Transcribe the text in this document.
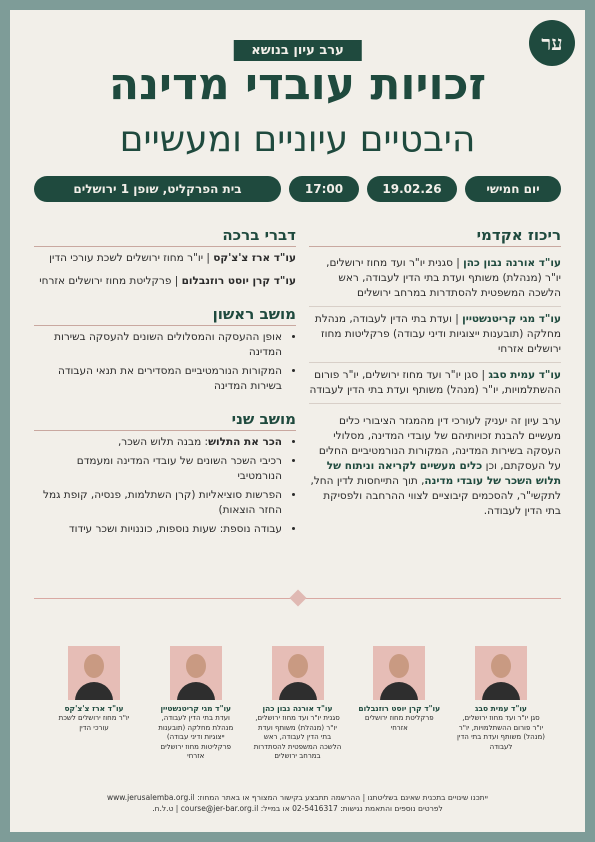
ער
ערב עיון בנושא
זכויות עובדי מדינה
היבטיים עיוניים ומעשיים
יום חמישי
19.02.26
17:00
בית הפרקליט, שופן 1 ירושלים
ריכוז אקדמי
עו"ד אורנה נבון כהן | סגנית יו"ר ועד מחוז ירושלים, יו"ר (מנהלת) משותף ועדת בתי הדין לעבודה, ראש הלשכה המשפטית להסתדרות במרחב ירושלים
עו"ד מגי קריטנשטיין | ועדת בתי הדין לעבודה, מנהלת מחלקה (תובענות ייצוגיות ודיני עבודה) פרקליטות מחוז ירושלים אזרחי
עו"ד עמית סבג | סגן יו"ר ועד מחוז ירושלים, יו"ר פורום ההשתלמויות, יו"ר (מנהל) משותף ועדת בתי הדין לעבודה

ערב עיון זה יעניק לעורכי דין מהמגזר הציבורי כלים מעשיים להבנת זכויותיהם של עובדי המדינה, מסלולי העסקה בשירות המדינה, המקורות הנורמטיביים החלים על העסקתם, וכן כלים מעשיים לקריאה וניתוח של תלוש השכר של עובדי מדינה, תוך התייחסות לדין החל, לתקשי"ר, להסכמים קיבוציים לצווי ההרחבה ולפסיקת בתי הדין לעבודה.

דברי ברכה

עו"ד ארז צ'צ'קס | יו"ר מחוז ירושלים לשכת עורכי הדין

עו"ד קרן יוסט רוזנבלום | פרקליטת מחוז ירושלים אזרחי

מושב ראשון
• אופן ההעסקה והמסלולים השונים להעסקה בשירות המדינה
• המקורות הנורמטיביים המסדירים את תנאי העבודה בשירות המדינה
מושב שני
• הכר את התלוש: מבנה תלוש השכר,
• רכיבי השכר השונים של עובדי המדינה ומעמדם הנורמטיבי
• הפרשות סוציאליות (קרן השתלמות, פנסיה, קופת גמל החזר הוצאות)
• עבודה נוספת: שעות נוספות, כוננויות ושכר עידוד
עו"ד עמית סבג
סגן יו"ר ועד מחוז ירושלים, יו"ר פורום ההשתלמויות, יו"ר (מנהל) משותף ועדת בתי הדין לעבודה
עו"ד קרן יוסט רוזנבלום
פרקליטת מחוז ירושלים אזרחי
עו"ד אורנה נבון כהן
סגנית יו"ר ועד מחוז ירושלים, יו"ר (מנהלת) משותף ועדת בתי הדין לעבודה, ראש הלשכה המשפטית להסתדרות במרחב ירושלים
עו"ד מגי קריטנשטיין
ועדת בתי הדין לעבודה, מנהלת מחלקה (תובענות ייצוגיות ודיני עבודה) פרקליטות מחוז ירושלים אזרחי
עו"ד ארז צ'צ'קס
יו"ר מחוז ירושלים לשכת עורכי הדין
ייתכנו שינויים בתכנית שאינם בשליטתנו | ההרשמה תתבצע בקישור המצורף או באתר המחוז: www.jerusalemba.org.il
לפרטים נוספים והתאמת נגישות: 02-5416317 או במייל: course@jer-bar.org.il | ט.ל.ח.
